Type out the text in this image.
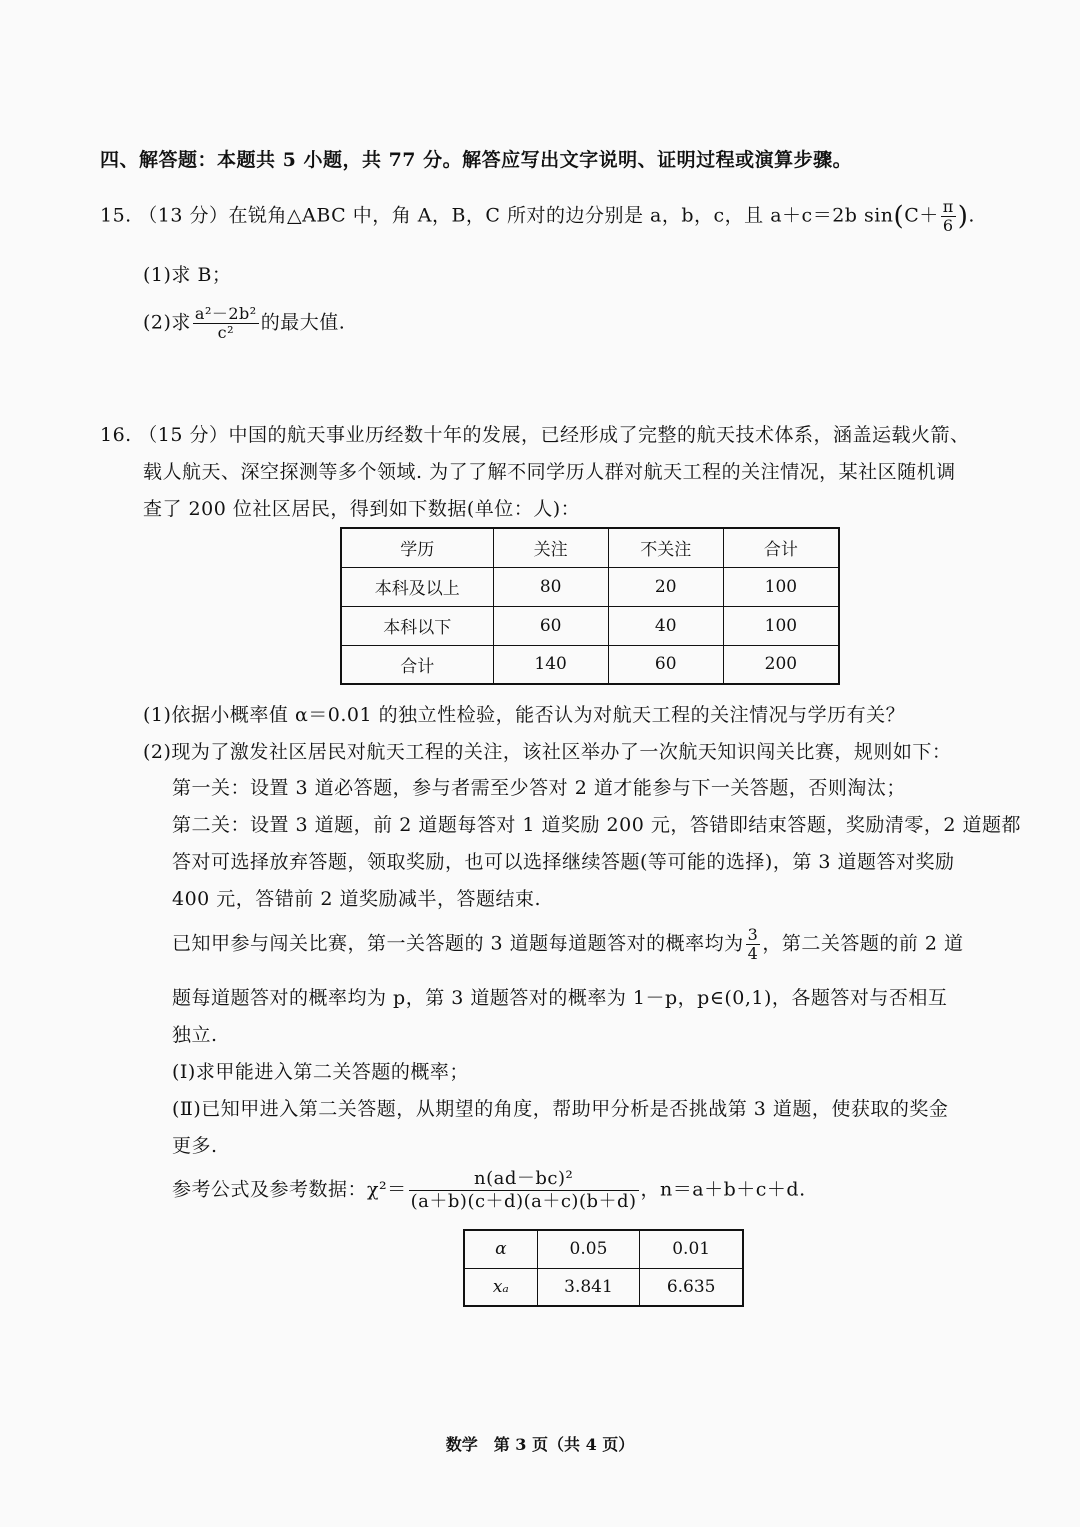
四、解答题：本题共 5 小题，共 77 分。解答应写出文字说明、证明过程或演算步骤。
15. （13 分）在锐角△ABC 中，角 A，B，C 所对的边分别是 a，b，c，且 a＋c＝2b $\sin(C+ \frac{\pi}{6}$ ).
(1)求 B；
(2)求 $\frac{\text{a²－2b²}}{\text{c²}}$ 的最大值.
16. （15 分）中国的航天事业历经数十年的发展，已经形成了完整的航天技术体系，涵盖运载火箭、
载人航天、深空探测等多个领域. 为了了解不同学历人群对航天工程的关注情况，某社区随机调
查了 200 位社区居民，得到如下数据(单位：人)：
学历	关注	不关注	合计
本科及以上	80	20	100
本科以下	60	40	100
合计	140	60	200
(1)依据小概率值 α＝0.01 的独立性检验，能否认为对航天工程的关注情况与学历有关？
(2)现为了激发社区居民对航天工程的关注，该社区举办了一次航天知识闯关比赛，规则如下：
第一关：设置 3 道必答题，参与者需至少答对 2 道才能参与下一关答题，否则淘汰；
第二关：设置 3 道题，前 2 道题每答对 1 道奖励 200 元，答错即结束答题，奖励清零，2 道题都
答对可选择放弃答题，领取奖励，也可以选择继续答题(等可能的选择)，第 3 道题答对奖励
400 元，答错前 2 道奖励减半，答题结束.
已知甲参与闯关比赛，第一关答题的 3 道题每道题答对的概率均为 $\frac{3}{4}$ ，第二关答题的前 2 道
题每道题答对的概率均为 p，第 3 道题答对的概率为 1－p，p∈(0,1)，各题答对与否相互
独立.
(Ⅰ)求甲能进入第二关答题的概率；
(Ⅱ)已知甲进入第二关答题，从期望的角度，帮助甲分析是否挑战第 3 道题，使获取的奖金
更多.
参考公式及参考数据：$\chi^2= \frac{\text{n(ad－bc)²}}{(a+b)(c+d)(a+c)(b+d)}$ ，n＝a＋b＋c＋d.
α	0.05	0.01
xₐ	3.841	6.635
数学　第 3 页（共 4 页）
